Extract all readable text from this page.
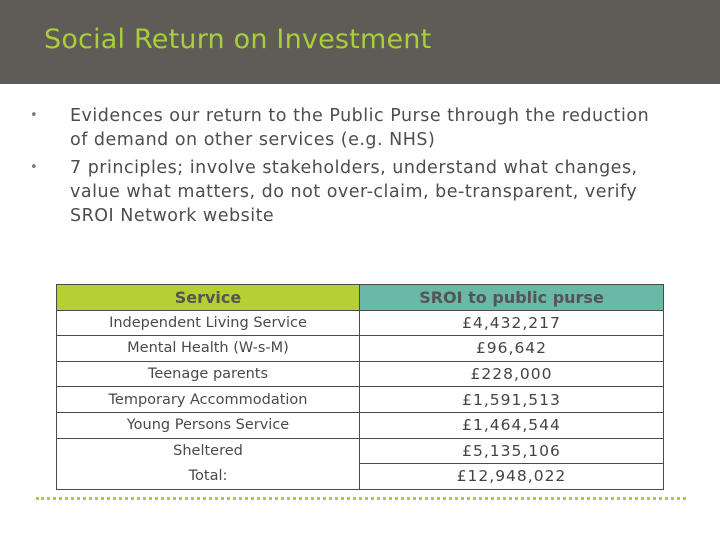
Social Return on Investment
• Evidences our return to the Public Purse through the reduction
of demand on other services (e.g. NHS)
• 7 principles; involve stakeholders, understand what changes,
value what matters, do not over-claim, be-transparent, verify
SROI Network website
Service	SROI to public purse
Independent Living Service	£4,432,217
Mental Health (W-s-M)	£96,642
Teenage parents	£228,000
Temporary Accommodation	£1,591,513
Young Persons Service	£1,464,544
Sheltered	£5,135,106
Total:	£12,948,022
